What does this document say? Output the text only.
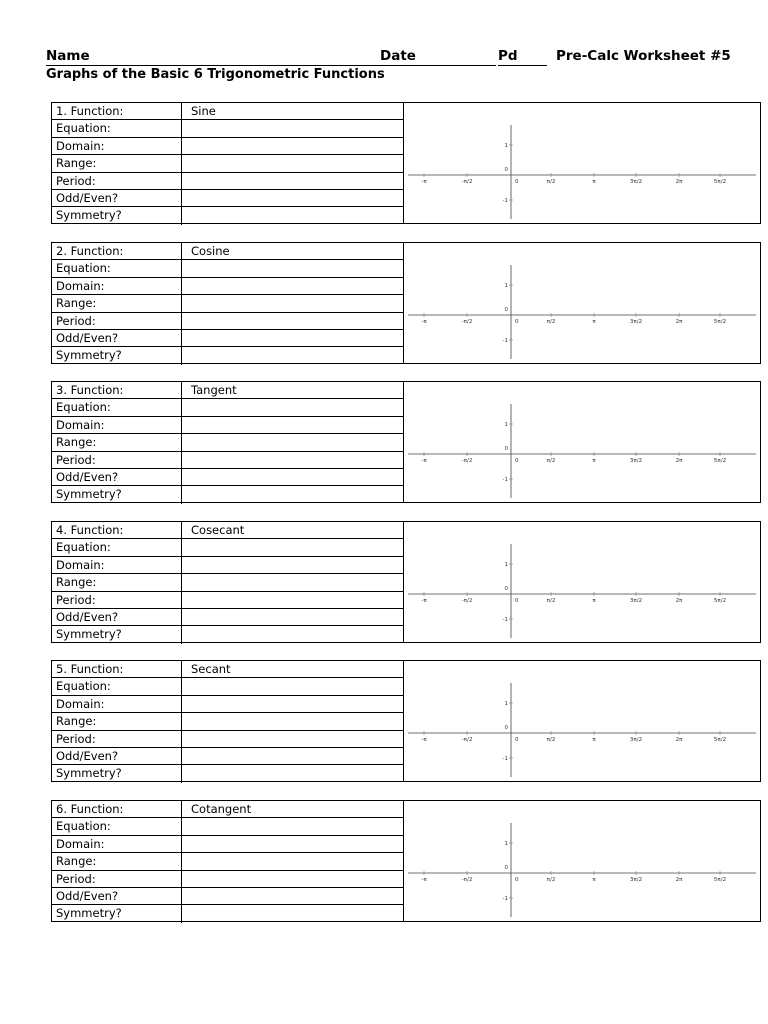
Name	Date	Pd	Pre-Calc Worksheet #5
Graphs of the Basic 6 Trigonometric Functions
1. Function:	Sine
Equation:
Domain:
Range:
Period:
Odd/Even?
Symmetry?
-π	-π/2	π/2	π	3π/2	2π	5π/2
0
1
0
-1
2. Function:	Cosine
Equation:
Domain:
Range:
Period:
Odd/Even?
Symmetry?
-π	-π/2	π/2	π	3π/2	2π	5π/2
0
1
0
-1
3. Function:	Tangent
Equation:
Domain:
Range:
Period:
Odd/Even?
Symmetry?
-π	-π/2	π/2	π	3π/2	2π	5π/2
0
1
0
-1
4. Function:	Cosecant
Equation:
Domain:
Range:
Period:
Odd/Even?
Symmetry?
-π	-π/2	π/2	π	3π/2	2π	5π/2
0
1
0
-1
5. Function:	Secant
Equation:
Domain:
Range:
Period:
Odd/Even?
Symmetry?
-π	-π/2	π/2	π	3π/2	2π	5π/2
0
1
0
-1
6. Function:	Cotangent
Equation:
Domain:
Range:
Period:
Odd/Even?
Symmetry?
-π	-π/2	π/2	π	3π/2	2π	5π/2
0
1
0
-1
